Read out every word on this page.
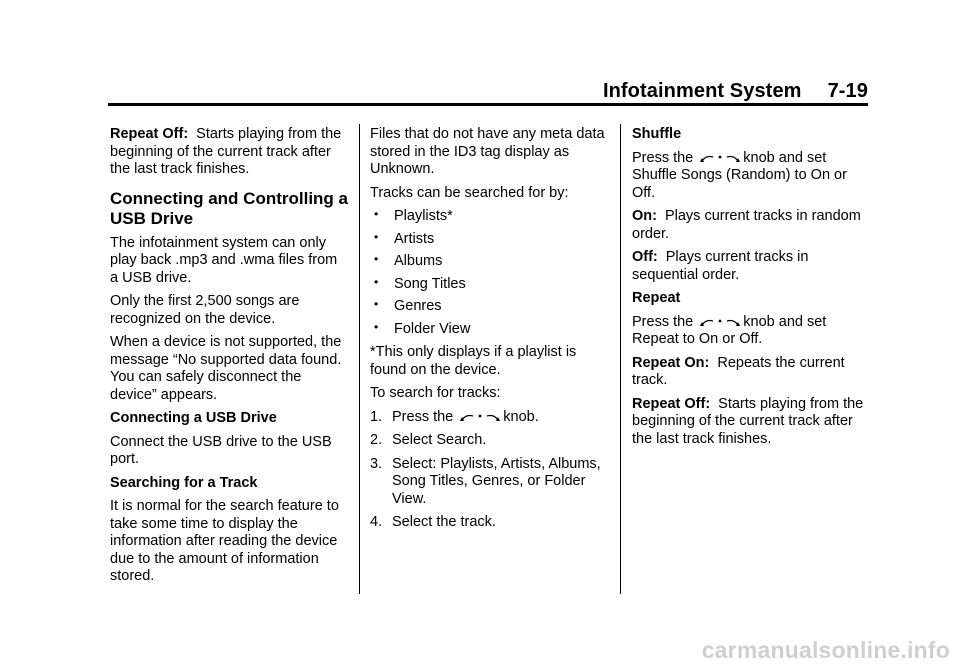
Infotainment System 7-19

Repeat Off: Starts playing from the beginning of the current track after the last track finishes.

Connecting and Controlling a USB Drive

The infotainment system can only play back .mp3 and .wma files from a USB drive.

Only the first 2,500 songs are recognized on the device.

When a device is not supported, the message “No supported data found. You can safely disconnect the device” appears.

Connecting a USB Drive

Connect the USB drive to the USB port.

Searching for a Track

It is normal for the search feature to take some time to display the information after reading the device due to the amount of information stored.

Files that do not have any meta data stored in the ID3 tag display as Unknown.

Tracks can be searched for by:

• Playlists*
• Artists
• Albums
• Song Titles
• Genres
• Folder View

*This only displays if a playlist is found on the device.

To search for tracks:

1. Press the	knob.
2. Select Search.
3. Select: Playlists, Artists, Albums, Song Titles, Genres, or Folder View.
4. Select the track.

Shuffle

Press the	knob and set Shuffle Songs (Random) to On or Off.

On: Plays current tracks in random order.

Off: Plays current tracks in sequential order.

Repeat

Press the	knob and set Repeat to On or Off.

Repeat On: Repeats the current track.

Repeat Off: Starts playing from the beginning of the current track after the last track finishes.

carmanualsonline.info
